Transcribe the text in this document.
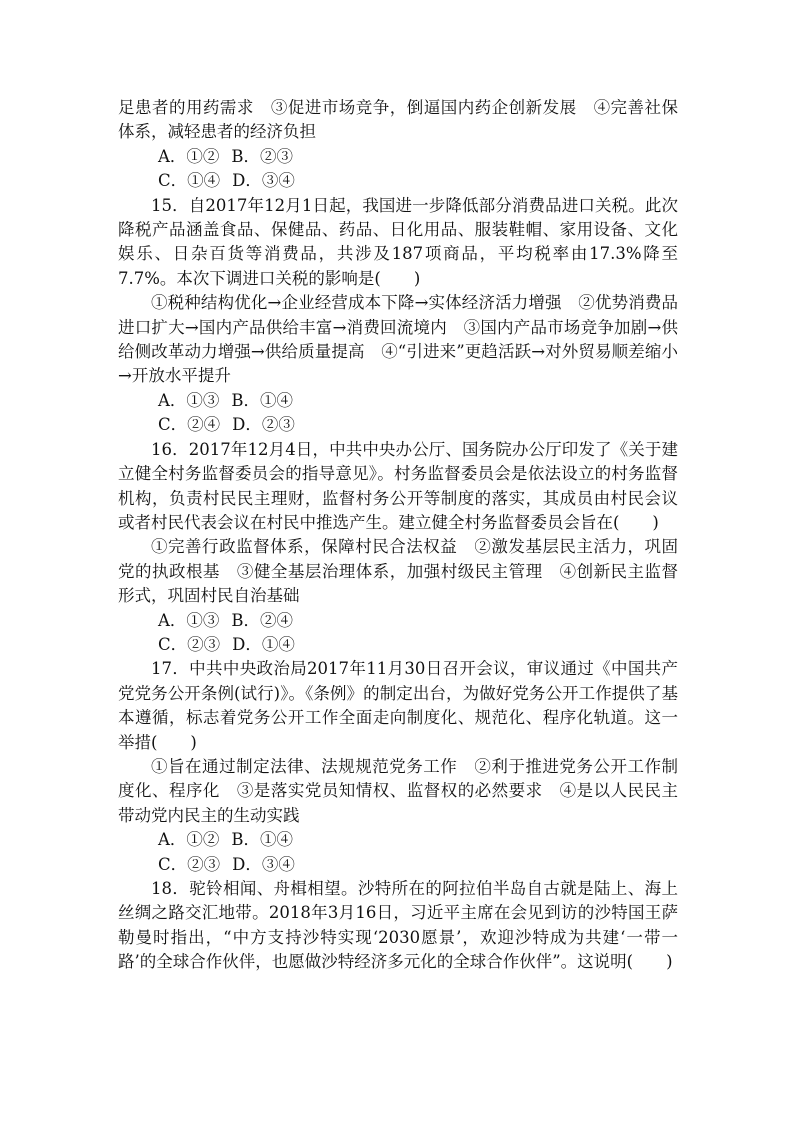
足患者的用药需求　③促进市场竞争，倒逼国内药企创新发展　④完善社保体系，减轻患者的经济负担

A．①② B．②③
C．①④ D．③④

15．自2017年12月1日起，我国进一步降低部分消费品进口关税。此次降税产品涵盖食品、保健品、药品、日化用品、服装鞋帽、家用设备、文化娱乐、日杂百货等消费品，共涉及187项商品，平均税率由17.3%降至7.7%。本次下调进口关税的影响是(　　)

①税种结构优化→企业经营成本下降→实体经济活力增强　②优势消费品进口扩大→国内产品供给丰富→消费回流境内　③国内产品市场竞争加剧→供给侧改革动力增强→供给质量提高　④“引进来”更趋活跃→对外贸易顺差缩小→开放水平提升

A．①③ B．①④
C．②④ D．②③

16．2017年12月4日，中共中央办公厅、国务院办公厅印发了《关于建立健全村务监督委员会的指导意见》。村务监督委员会是依法设立的村务监督机构，负责村民民主理财，监督村务公开等制度的落实，其成员由村民会议或者村民代表会议在村民中推选产生。建立健全村务监督委员会旨在(　　)

①完善行政监督体系，保障村民合法权益　②激发基层民主活力，巩固党的执政根基　③健全基层治理体系，加强村级民主管理　④创新民主监督形式，巩固村民自治基础

A．①③ B．②④
C．②③ D．①④

17．中共中央政治局2017年11月30日召开会议，审议通过《中国共产党党务公开条例(试行)》。《条例》的制定出台，为做好党务公开工作提供了基本遵循，标志着党务公开工作全面走向制度化、规范化、程序化轨道。这一举措(　　)

①旨在通过制定法律、法规规范党务工作　②利于推进党务公开工作制度化、程序化　③是落实党员知情权、监督权的必然要求　④是以人民民主带动党内民主的生动实践

A．①② B．①④
C．②③ D．③④

18．驼铃相闻、舟楫相望。沙特所在的阿拉伯半岛自古就是陆上、海上丝绸之路交汇地带。2018年3月16日，习近平主席在会见到访的沙特国王萨勒曼时指出，“中方支持沙特实现‘2030愿景’，欢迎沙特成为共建‘一带一路’的全球合作伙伴，也愿做沙特经济多元化的全球合作伙伴”。这说明(　　)
